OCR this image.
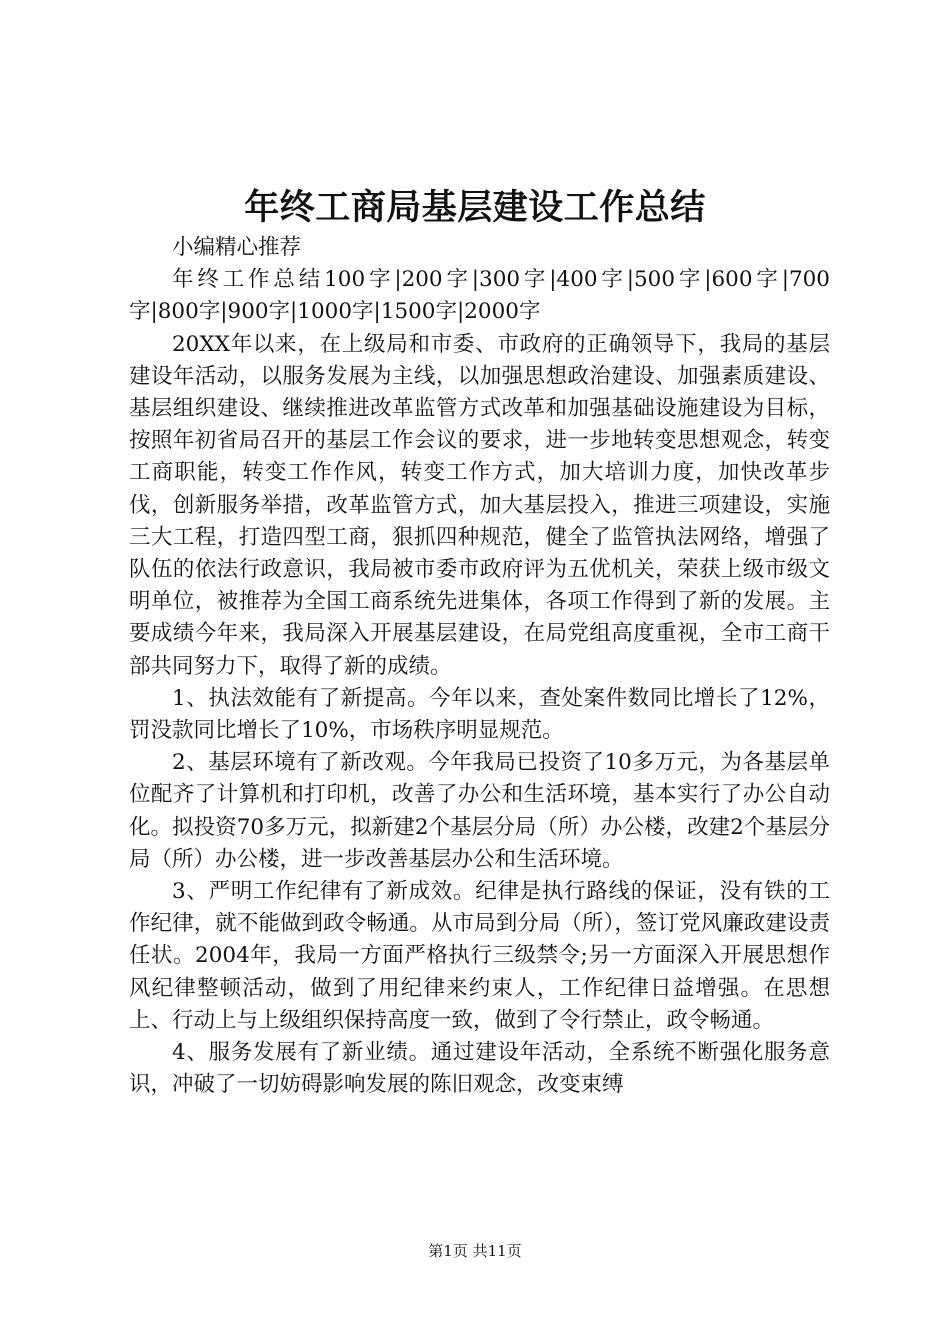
年终工商局基层建设工作总结

小编精心推荐

年终工作总结100字|200字|300字|400字|500字|600字|700字|800字|900字|1000字|1500字|2000字

20XX年以来，在上级局和市委、市政府的正确领导下，我局的基层建设年活动，以服务发展为主线，以加强思想政治建设、加强素质建设、基层组织建设、继续推进改革监管方式改革和加强基础设施建设为目标，按照年初省局召开的基层工作会议的要求，进一步地转变思想观念，转变工商职能，转变工作作风，转变工作方式，加大培训力度，加快改革步伐，创新服务举措，改革监管方式，加大基层投入，推进三项建设，实施三大工程，打造四型工商，狠抓四种规范，健全了监管执法网络，增强了队伍的依法行政意识，我局被市委市政府评为五优机关，荣获上级市级文明单位，被推荐为全国工商系统先进集体，各项工作得到了新的发展。主要成绩今年来，我局深入开展基层建设，在局党组高度重视，全市工商干部共同努力下，取得了新的成绩。

1、执法效能有了新提高。今年以来，查处案件数同比增长了12%，罚没款同比增长了10%，市场秩序明显规范。

2、基层环境有了新改观。今年我局已投资了10多万元，为各基层单位配齐了计算机和打印机，改善了办公和生活环境，基本实行了办公自动化。拟投资70多万元，拟新建2个基层分局（所）办公楼，改建2个基层分局（所）办公楼，进一步改善基层办公和生活环境。

3、严明工作纪律有了新成效。纪律是执行路线的保证，没有铁的工作纪律，就不能做到政令畅通。从市局到分局（所），签订党风廉政建设责任状。2004年，我局一方面严格执行三级禁令;另一方面深入开展思想作风纪律整顿活动，做到了用纪律来约束人，工作纪律日益增强。在思想上、行动上与上级组织保持高度一致，做到了令行禁止，政令畅通。

4、服务发展有了新业绩。通过建设年活动，全系统不断强化服务意识，冲破了一切妨碍影响发展的陈旧观念，改变束缚

第1页 共11页
